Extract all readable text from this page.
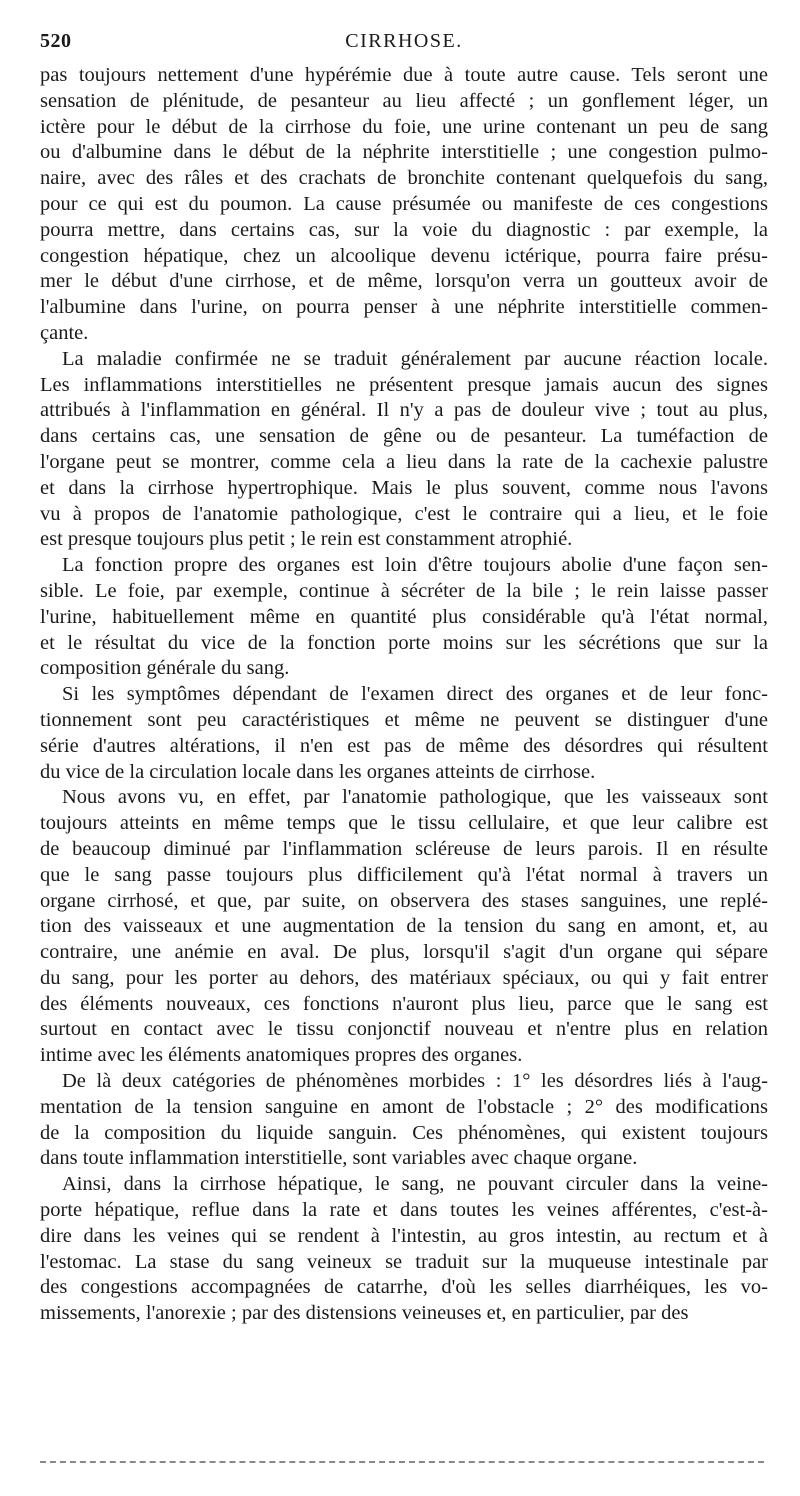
520	CIRRHOSE.
pas toujours nettement d'une hypérémie due à toute autre cause. Tels seront une
sensation de plénitude, de pesanteur au lieu affecté ; un gonflement léger, un
ictère pour le début de la cirrhose du foie, une urine contenant un peu de sang
ou d'albumine dans le début de la néphrite interstitielle ; une congestion pulmo-
naire, avec des râles et des crachats de bronchite contenant quelquefois du sang,
pour ce qui est du poumon. La cause présumée ou manifeste de ces congestions
pourra mettre, dans certains cas, sur la voie du diagnostic : par exemple, la
congestion hépatique, chez un alcoolique devenu ictérique, pourra faire présu-
mer le début d'une cirrhose, et de même, lorsqu'on verra un goutteux avoir de
l'albumine dans l'urine, on pourra penser à une néphrite interstitielle commen-
çante.
La maladie confirmée ne se traduit généralement par aucune réaction locale.
Les inflammations interstitielles ne présentent presque jamais aucun des signes
attribués à l'inflammation en général. Il n'y a pas de douleur vive ; tout au plus,
dans certains cas, une sensation de gêne ou de pesanteur. La tuméfaction de
l'organe peut se montrer, comme cela a lieu dans la rate de la cachexie palustre
et dans la cirrhose hypertrophique. Mais le plus souvent, comme nous l'avons
vu à propos de l'anatomie pathologique, c'est le contraire qui a lieu, et le foie
est presque toujours plus petit ; le rein est constamment atrophié.
La fonction propre des organes est loin d'être toujours abolie d'une façon sen-
sible. Le foie, par exemple, continue à sécréter de la bile ; le rein laisse passer
l'urine, habituellement même en quantité plus considérable qu'à l'état normal,
et le résultat du vice de la fonction porte moins sur les sécrétions que sur la
composition générale du sang.
Si les symptômes dépendant de l'examen direct des organes et de leur fonc-
tionnement sont peu caractéristiques et même ne peuvent se distinguer d'une
série d'autres altérations, il n'en est pas de même des désordres qui résultent
du vice de la circulation locale dans les organes atteints de cirrhose.
Nous avons vu, en effet, par l'anatomie pathologique, que les vaisseaux sont
toujours atteints en même temps que le tissu cellulaire, et que leur calibre est
de beaucoup diminué par l'inflammation scléreuse de leurs parois. Il en résulte
que le sang passe toujours plus difficilement qu'à l'état normal à travers un
organe cirrhosé, et que, par suite, on observera des stases sanguines, une replé-
tion des vaisseaux et une augmentation de la tension du sang en amont, et, au
contraire, une anémie en aval. De plus, lorsqu'il s'agit d'un organe qui sépare
du sang, pour les porter au dehors, des matériaux spéciaux, ou qui y fait entrer
des éléments nouveaux, ces fonctions n'auront plus lieu, parce que le sang est
surtout en contact avec le tissu conjonctif nouveau et n'entre plus en relation
intime avec les éléments anatomiques propres des organes.
De là deux catégories de phénomènes morbides : 1° les désordres liés à l'aug-
mentation de la tension sanguine en amont de l'obstacle ; 2° des modifications
de la composition du liquide sanguin. Ces phénomènes, qui existent toujours
dans toute inflammation interstitielle, sont variables avec chaque organe.
Ainsi, dans la cirrhose hépatique, le sang, ne pouvant circuler dans la veine-
porte hépatique, reflue dans la rate et dans toutes les veines afférentes, c'est-à-
dire dans les veines qui se rendent à l'intestin, au gros intestin, au rectum et à
l'estomac. La stase du sang veineux se traduit sur la muqueuse intestinale par
des congestions accompagnées de catarrhe, d'où les selles diarrhéiques, les vo-
missements, l'anorexie ; par des distensions veineuses et, en particulier, par des
